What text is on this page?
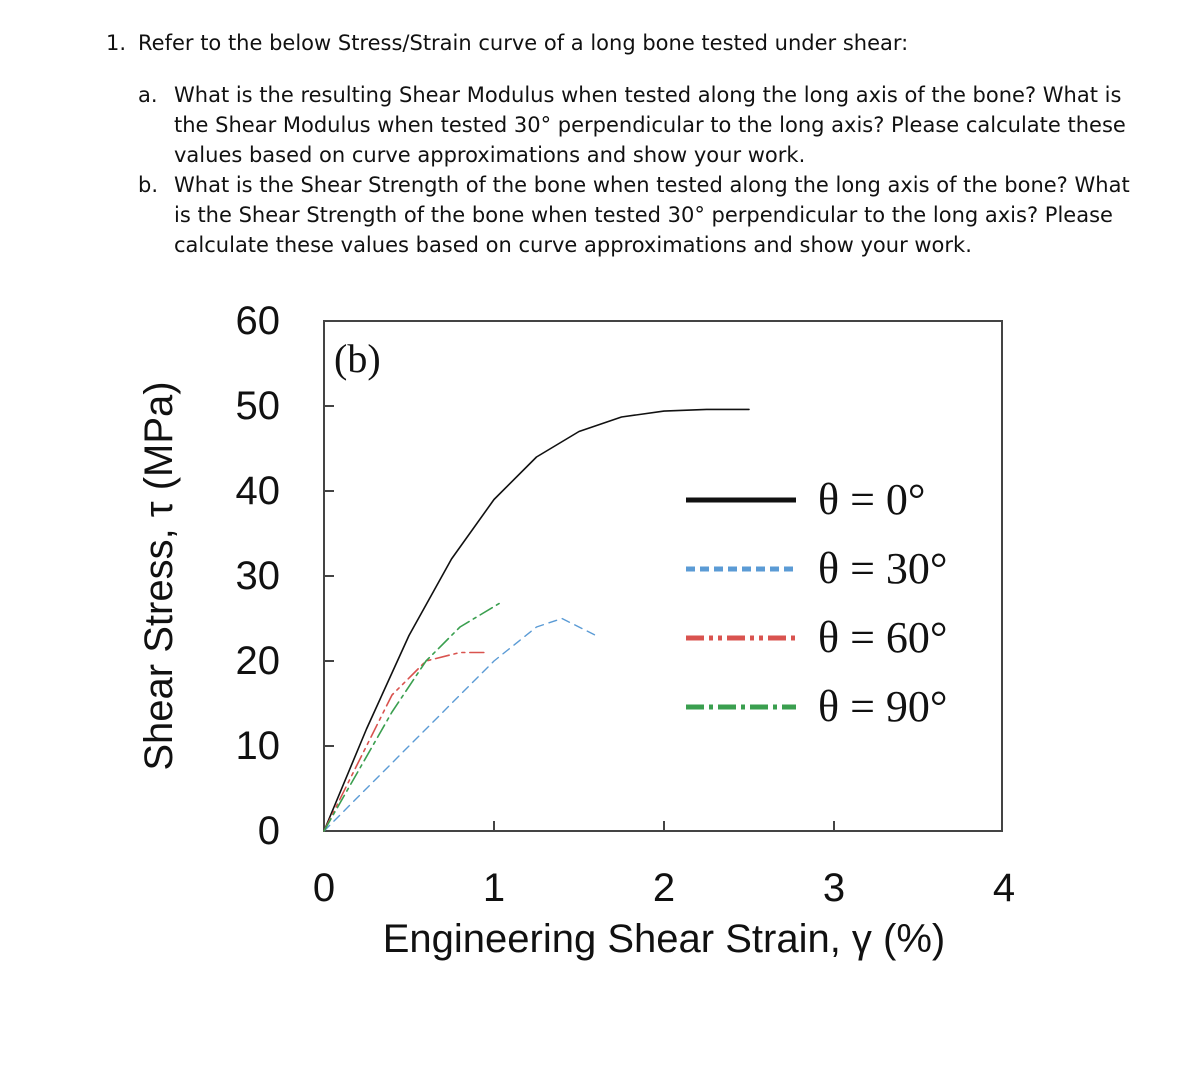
1. Refer to the below Stress/Strain curve of a long bone tested under shear:
a. What is the resulting Shear Modulus when tested along the long axis of the bone? What is the Shear Modulus when tested 30° perpendicular to the long axis? Please calculate these values based on curve approximations and show your work.
b. What is the Shear Strength of the bone when tested along the long axis of the bone? What is the Shear Strength of the bone when tested 30° perpendicular to the long axis? Please calculate these values based on curve approximations and show your work.
0
10
20
30
40
50
60
0	1	2	3	4
θ = 0°
θ = 30°
θ = 60°
θ = 90°
(b)
Engineering Shear Strain, γ (%)
Shear Stress, τ (MPa)
